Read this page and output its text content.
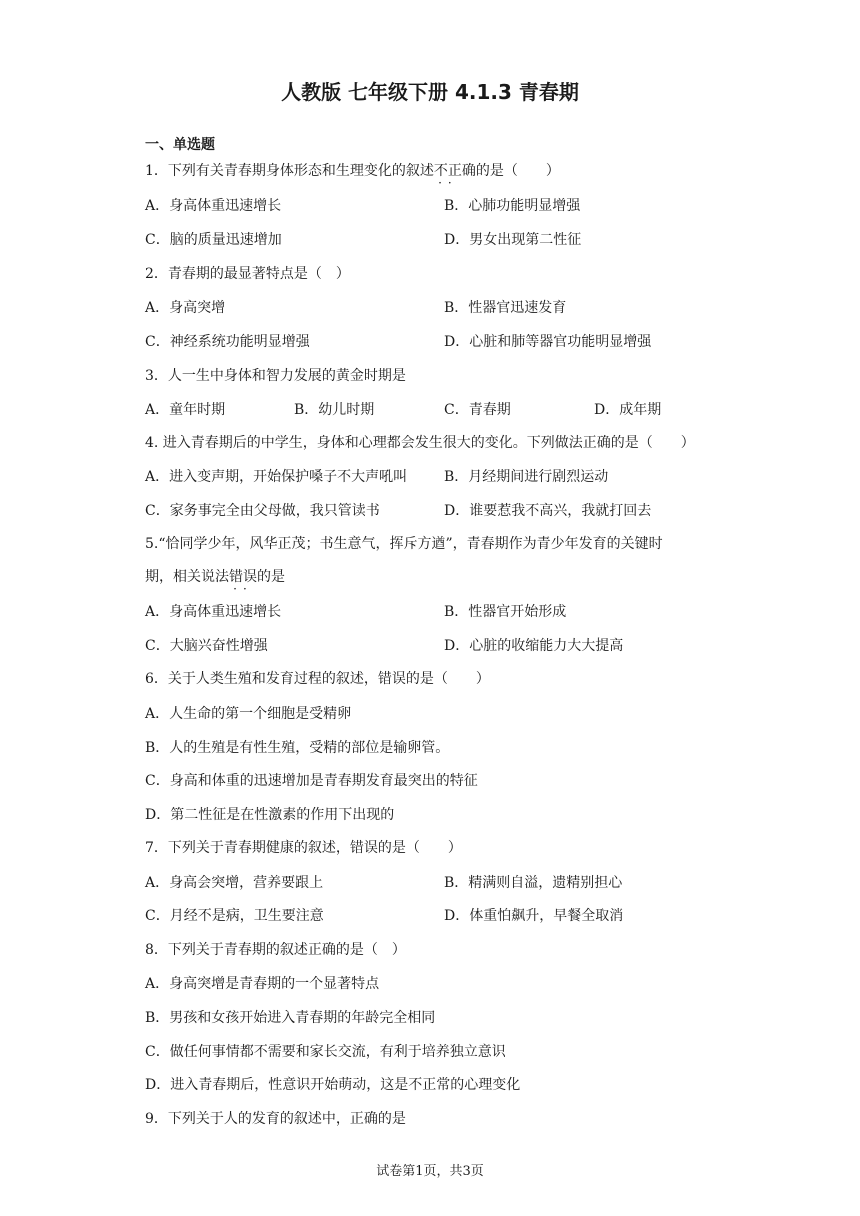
人教版 七年级下册 4.1.3 青春期
一、单选题
1．下列有关青春期身体形态和生理变化的叙述不正 ··确的是（　　）
A．身高体重迅速增长	B．心肺功能明显增强
C．脑的质量迅速增加	D．男女出现第二性征
2．青春期的最显著特点是（　）
A．身高突增	B．性器官迅速发育
C．神经系统功能明显增强	D．心脏和肺等器官功能明显增强
3．人一生中身体和智力发展的黄金时期是
A．童年时期	B．幼儿时期	C．青春期	D．成年期
4. 进入青春期后的中学生，身体和心理都会发生很大的变化。下列做法正确的是（　　）
A．进入变声期，开始保护嗓子不大声吼叫	B．月经期间进行剧烈运动
C．家务事完全由父母做，我只管读书	D．谁要惹我不高兴，我就打回去
5.“恰同学少年，风华正茂；书生意气，挥斥方遒”，青春期作为青少年发育的关键时
期，相关说法错误 ··的是
A．身高体重迅速增长	B．性器官开始形成
C．大脑兴奋性增强	D．心脏的收缩能力大大提高
6．关于人类生殖和发育过程的叙述，错误的是（　　）
A．人生命的第一个细胞是受精卵
B．人的生殖是有性生殖，受精的部位是输卵管。
C．身高和体重的迅速增加是青春期发育最突出的特征
D．第二性征是在性激素的作用下出现的
7．下列关于青春期健康的叙述，错误的是（　　）
A．身高会突增，营养要跟上	B．精满则自溢，遗精别担心
C．月经不是病，卫生要注意	D．体重怕飙升，早餐全取消
8．下列关于青春期的叙述正确的是（　）
A．身高突增是青春期的一个显著特点
B．男孩和女孩开始进入青春期的年龄完全相同
C．做任何事情都不需要和家长交流，有利于培养独立意识
D．进入青春期后，性意识开始萌动，这是不正常的心理变化
9．下列关于人的发育的叙述中，正确的是
试卷第1页，共3页
